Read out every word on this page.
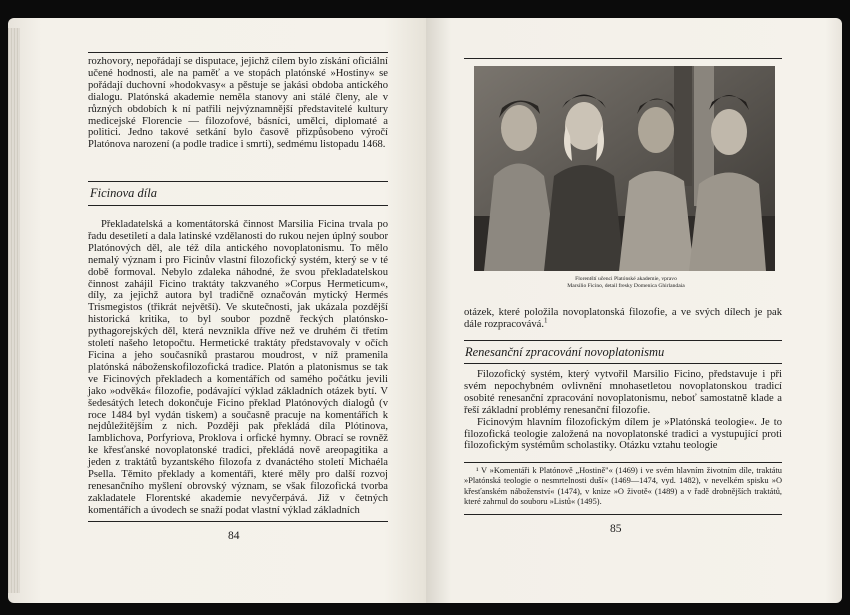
rozhovory, nepořádají se disputace, jejichž cílem bylo získání oficiální učené hodnosti, ale na paměť a ve stopách platónské »Hostiny« se pořádají duchovní »hodokvasy« a pěstuje se jakási obdoba antického dialogu. Platónská akademie neměla stanovy ani stálé členy, ale v různých obdobích k ní patřili nejvýznamnější představitelé kultury medicejské Florencie — filozofové, básníci, umělci, diplomaté a politici. Jedno takové setkání bylo časově přizpůsobeno výročí Platónova narození (a podle tradice i smrti), sedmému listopadu 1468.

Ficinova díla

Překladatelská a komentátorská činnost Marsilia Ficina trvala po řadu desetiletí a dala latinské vzdělanosti do rukou nejen úplný soubor Platónových děl, ale též díla antického novoplatonismu. To mělo nemalý význam i pro Ficinův vlastní filozofický systém, který se v té době formoval. Nebylo zdaleka náhodné, že svou překladatelskou činnost zahájil Ficino traktáty takzvaného »Corpus Hermeticum«, díly, za jejichž autora byl tradičně označován mytický Hermés Trismegistos (třikrát největší). Ve skutečnosti, jak ukázala pozdější historická kritika, to byl soubor pozdně řeckých platónsko-pythagorejských děl, která nevznikla dříve než ve druhém či třetím století našeho letopočtu. Hermetické traktáty představovaly v očích Ficina a jeho současníků prastarou moudrost, v níž pramenila platónská náboženskofilozofická tradice. Platón a platonismus se tak ve Ficinových překladech a komentářích od samého počátku jevili jako »odvěká« filozofie, podávající výklad základních otázek bytí. V šedesátých letech dokončuje Ficino překlad Platónových dialogů (v roce 1484 byl vydán tiskem) a současně pracuje na komentářích k nejdůležitějším z nich. Později pak překládá díla Plótinova, Iamblichova, Porfyriova, Proklova i orfické hymny. Obrací se rovněž ke křesťanské novoplatonské tradici, překládá nově areopagitika a jeden z traktátů byzantského filozofa z dvanáctého století Michaéla Psella. Těmito překlady a komentáři, které měly pro další rozvoj renesančního myšlení obrovský význam, se však filozofická tvorba zakladatele Florentské akademie nevyčerpává. Již v četných komentářích a úvodech se snaží podat vlastní výklad základních

84
Florentští učenci Platónské akademie, vpravo Marsilio Ficino, detail fresky Domenica Ghirlandaia

otázek, které položila novoplatonská filozofie, a ve svých dílech je pak dále rozpracovává.$^1$

Renesanční zpracování novoplatonismu

Filozofický systém, který vytvořil Marsilio Ficino, představuje i při svém nepochybném ovlivnění mnohasetletou novoplatonskou tradicí osobité renesanční zpracování novoplatonismu, neboť samostatně klade a řeší základní problémy renesanční filozofie.

Ficinovým hlavním filozofickým dílem je »Platónská teologie«. Je to filozofická teologie založená na novoplatonské tradici a vystupující proti filozofickým systémům scholastiky. Otázku vztahu teologie

¹ V »Komentáři k Platónově „Hostině"« (1469) i ve svém hlavním životním díle, traktátu »Platónská teologie o nesmrtelnosti duší« (1469—1474, vyd. 1482), v nevelkém spisku »O křesťanském náboženství« (1474), v knize »O životě« (1489) a v řadě drobnějších traktátů, které zahrnul do souboru »Listů« (1495).

85
